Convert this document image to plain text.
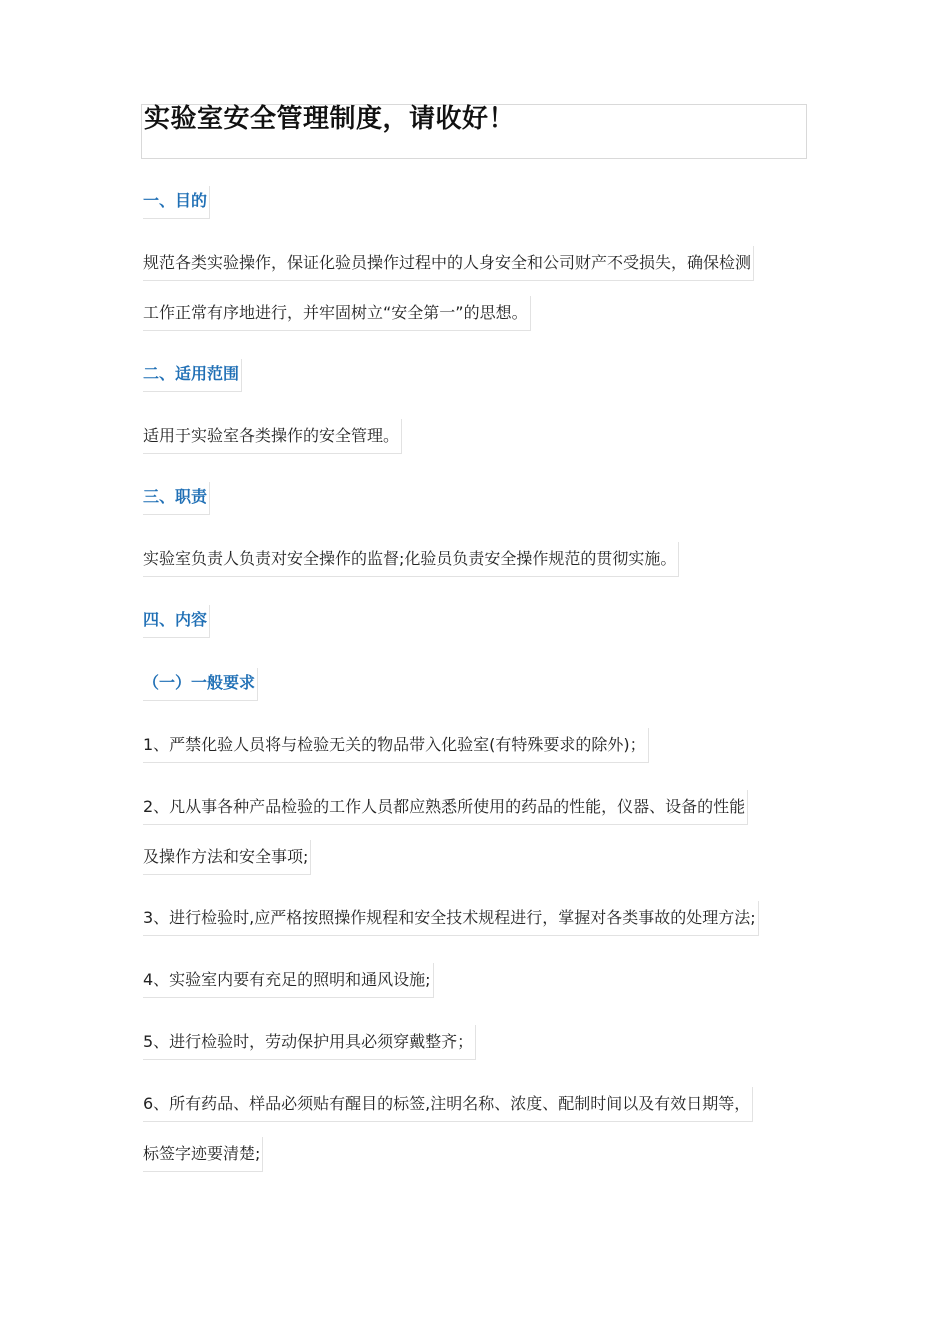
实验室安全管理制度，请收好！
一、目的
规范各类实验操作，保证化验员操作过程中的人身安全和公司财产不受损失，确保检测
工作正常有序地进行，并牢固树立“安全第一”的思想。
二、适用范围
适用于实验室各类操作的安全管理。
三、职责
实验室负责人负责对安全操作的监督;化验员负责安全操作规范的贯彻实施。
四、内容
（一）一般要求
1、严禁化验人员将与检验无关的物品带入化验室(有特殊要求的除外)；
2、凡从事各种产品检验的工作人员都应熟悉所使用的药品的性能，仪器、设备的性能
及操作方法和安全事项;
3、进行检验时,应严格按照操作规程和安全技术规程进行，掌握对各类事故的处理方法;
4、实验室内要有充足的照明和通风设施;
5、进行检验时，劳动保护用具必须穿戴整齐；
6、所有药品、样品必须贴有醒目的标签,注明名称、浓度、配制时间以及有效日期等，
标签字迹要清楚;
